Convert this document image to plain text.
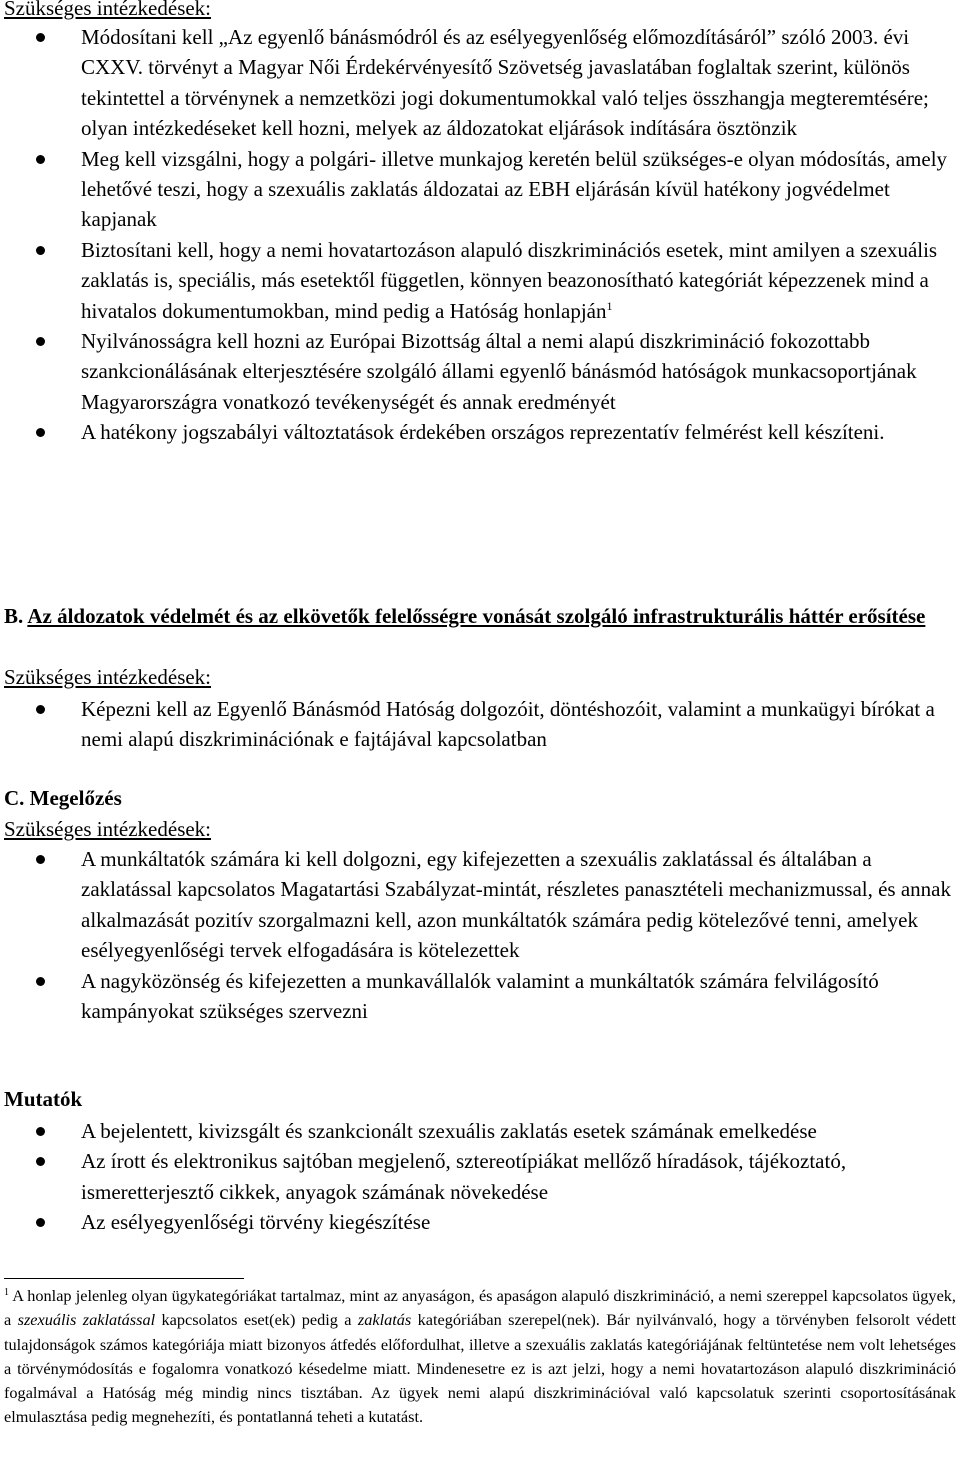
Szükséges intézkedések:

Módosítani kell „Az egyenlő bánásmódról és az esélyegyenlőség előmozdításáról” szóló 2003. évi CXXV. törvényt a Magyar Női Érdekérvényesítő Szövetség javaslatában foglaltak szerint, különös tekintettel a törvénynek a nemzetközi jogi dokumentumokkal való teljes összhangja megteremtésére; olyan intézkedéseket kell hozni, melyek az áldozatokat eljárások indítására ösztönzik
Meg kell vizsgálni, hogy a polgári- illetve munkajog keretén belül szükséges-e olyan módosítás, amely lehetővé teszi, hogy a szexuális zaklatás áldozatai az EBH eljárásán kívül hatékony jogvédelmet kapjanak
Biztosítani kell, hogy a nemi hovatartozáson alapuló diszkriminációs esetek, mint amilyen a szexuális zaklatás is, speciális, más esetektől független, könnyen beazonosítható kategóriát képezzenek mind a hivatalos dokumentumokban, mind pedig a Hatóság honlapján$^1$
Nyilvánosságra kell hozni az Európai Bizottság által a nemi alapú diszkrimináció fokozottabb szankcionálásának elterjesztésére szolgáló állami egyenlő bánásmód hatóságok munkacsoportjának Magyarországra vonatkozó tevékenységét és annak eredményét
A hatékony jogszabályi változtatások érdekében országos reprezentatív felmérést kell készíteni.

B. Az áldozatok védelmét és az elkövetők felelősségre vonását szolgáló infrastrukturális háttér erősítése

Szükséges intézkedések:

Képezni kell az Egyenlő Bánásmód Hatóság dolgozóit, döntéshozóit, valamint a munkaügyi bírókat a nemi alapú diszkriminációnak e fajtájával kapcsolatban

C. Megelőzés

Szükséges intézkedések:

A munkáltatók számára ki kell dolgozni, egy kifejezetten a szexuális zaklatással és általában a zaklatással kapcsolatos Magatartási Szabályzat-mintát, részletes panasztételi mechanizmussal, és annak alkalmazását pozitív szorgalmazni kell, azon munkáltatók számára pedig kötelezővé tenni, amelyek esélyegyenlőségi tervek elfogadására is kötelezettek
A nagyközönség és kifejezetten a munkavállalók valamint a munkáltatók számára felvilágosító kampányokat szükséges szervezni

Mutatók

A bejelentett, kivizsgált és szankcionált szexuális zaklatás esetek számának emelkedése
Az írott és elektronikus sajtóban megjelenő, sztereotípiákat mellőző híradások, tájékoztató, ismeretterjesztő cikkek, anyagok számának növekedése
Az esélyegyenlőségi törvény kiegészítése

$^1$ A honlap jelenleg olyan ügykategóriákat tartalmaz, mint az anyaságon, és apaságon alapuló diszkrimináció, a nemi szereppel kapcsolatos ügyek, a szexuális zaklatással kapcsolatos eset(ek) pedig a zaklatás kategóriában szerepel(nek). Bár nyilvánvaló, hogy a törvényben felsorolt védett tulajdonságok számos kategóriája miatt bizonyos átfedés előfordulhat, illetve a szexuális zaklatás kategóriájának feltüntetése nem volt lehetséges a törvénymódosítás e fogalomra vonatkozó késedelme miatt. Mindenesetre ez is azt jelzi, hogy a nemi hovatartozáson alapuló diszkrimináció fogalmával a Hatóság még mindig nincs tisztában. Az ügyek nemi alapú diszkriminációval való kapcsolatuk szerinti csoportosításának elmulasztása pedig megnehezíti, és pontatlanná teheti a kutatást.
